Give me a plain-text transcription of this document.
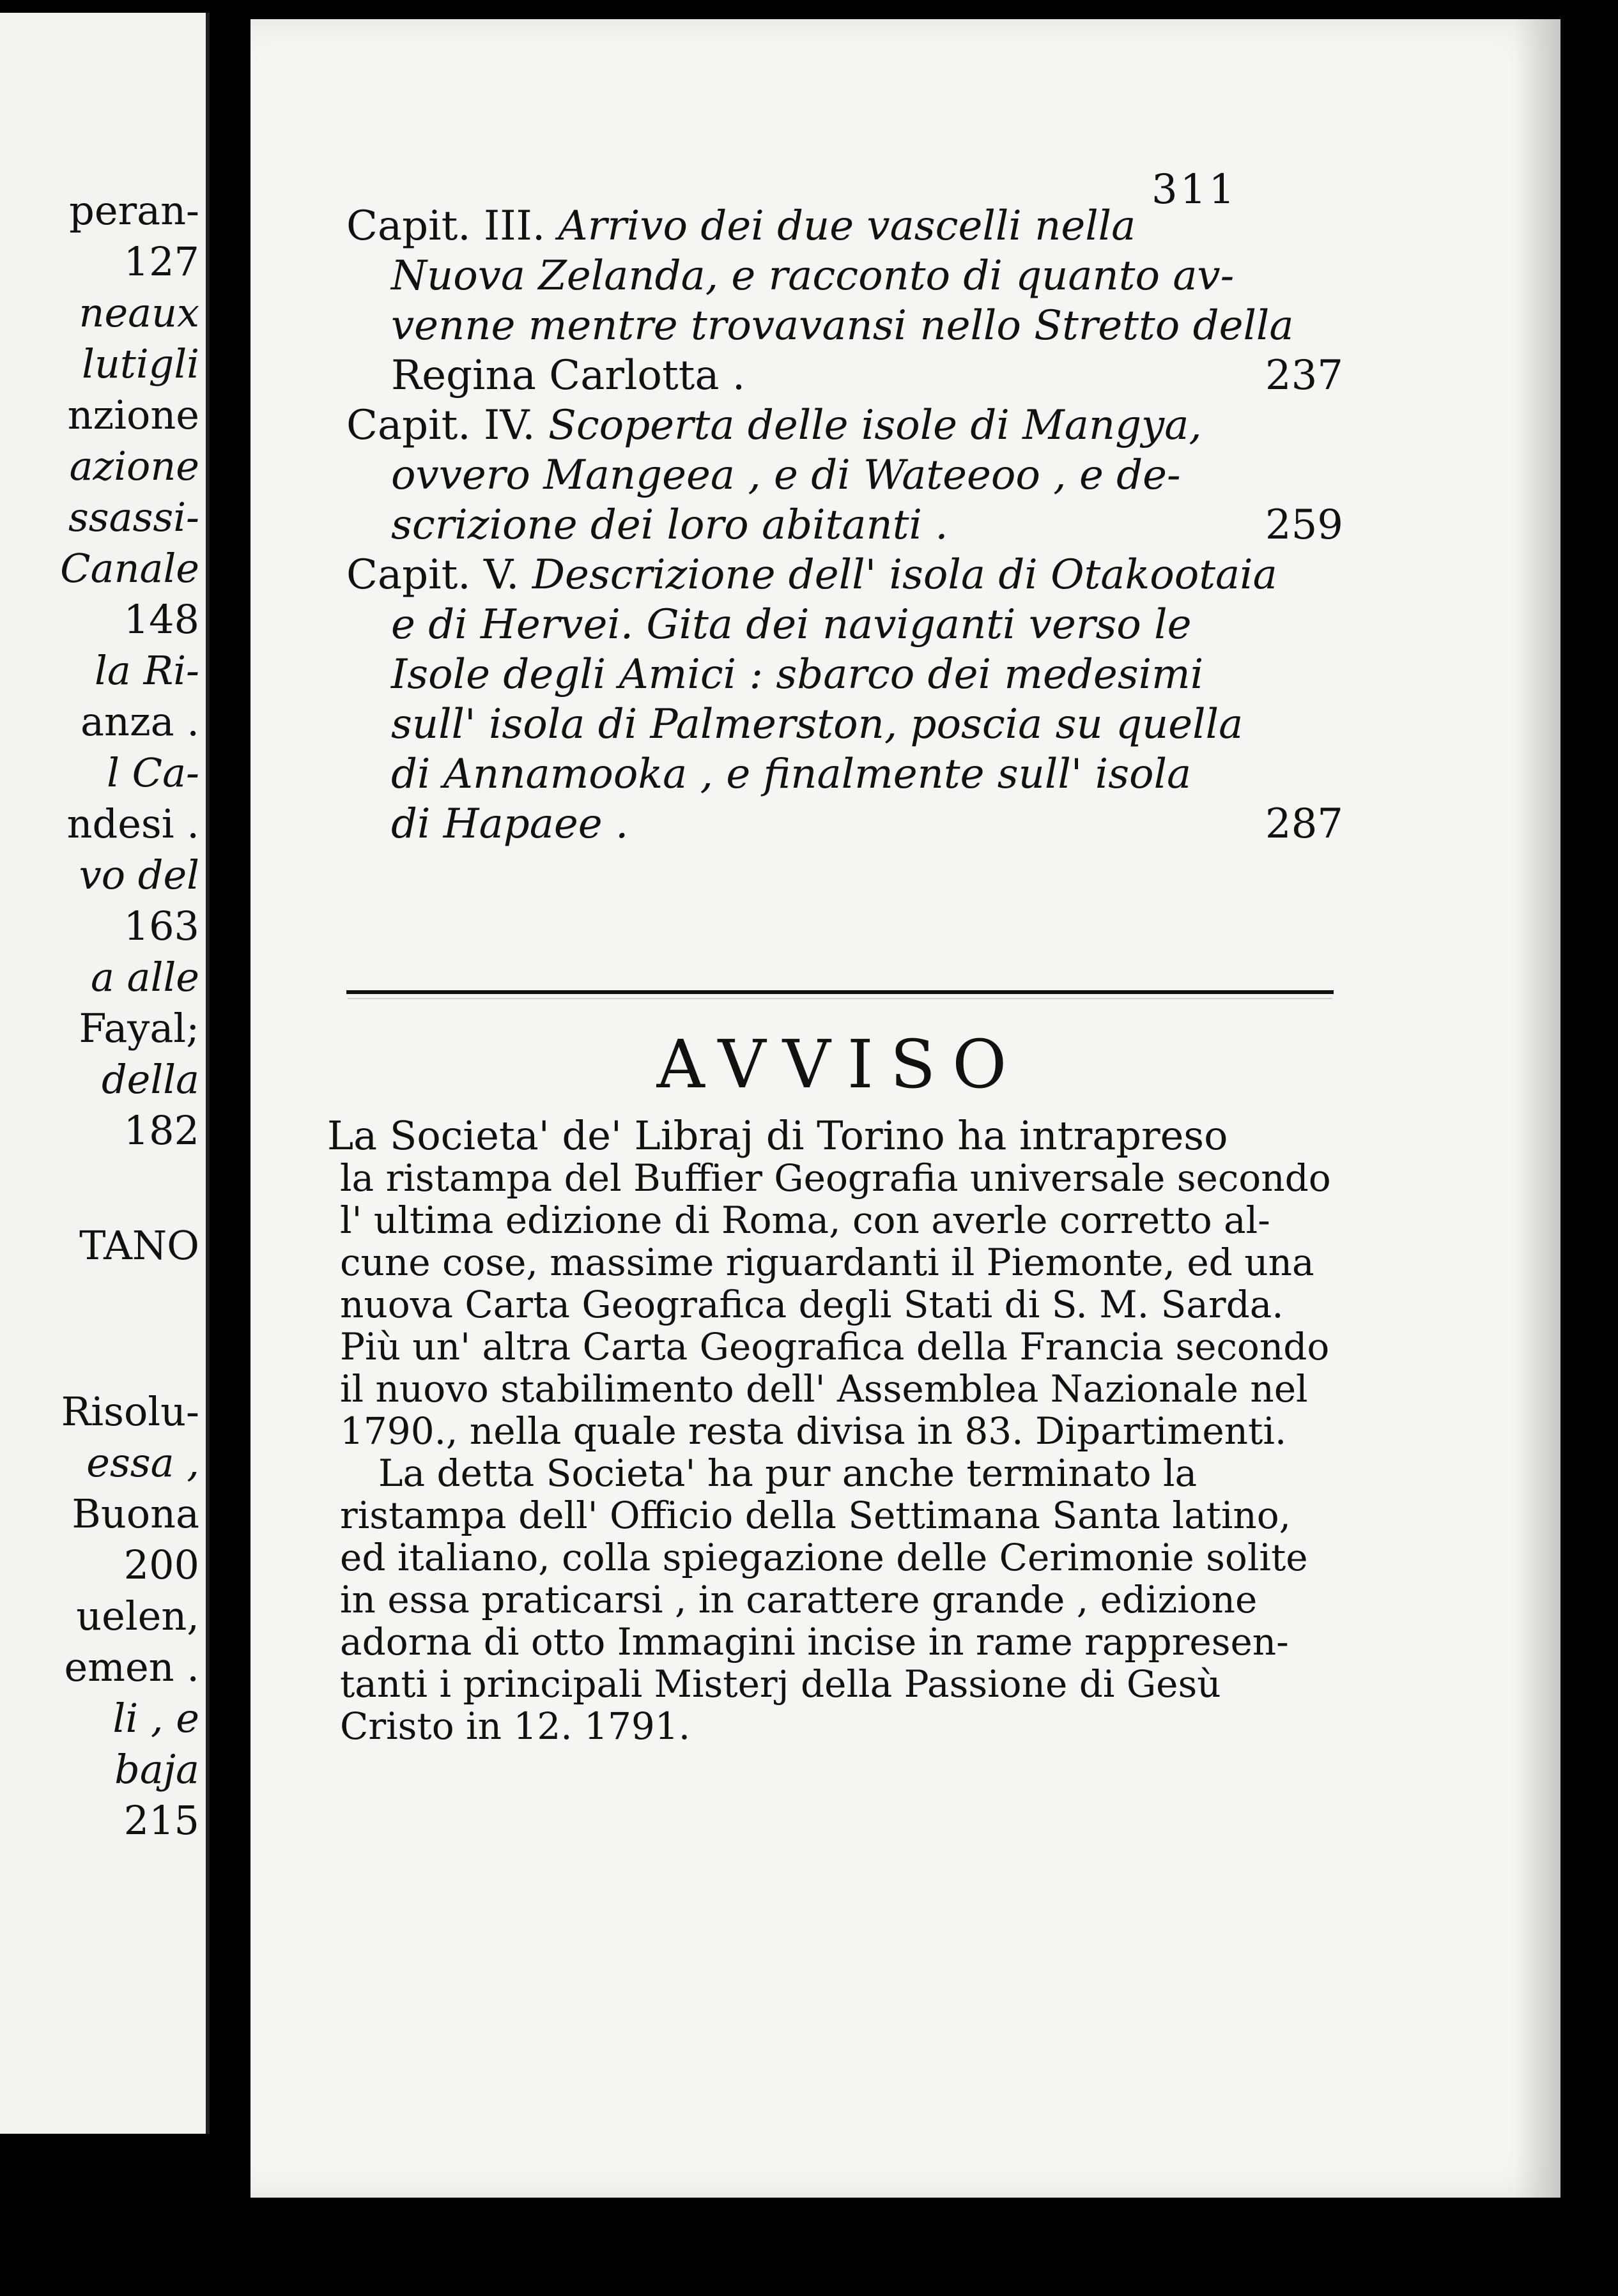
peran-
127
neaux
lutigli
nzione
azione
ssassi-
Canale
148
la Ri-
anza .
l Ca-
ndesi .
vo del
163
a alle
Fayal;
della
182
TANO
Risolu-
essa ,
Buona
200
uelen,
emen .
li , e
baja
215
311
Capit. III. Arrivo dei due vascelli nella
Nuova Zelanda, e racconto di quanto av-
venne mentre trovavansi nello Stretto della
Regina Carlotta .	237
Capit. IV. Scoperta delle isole di Mangya,
ovvero Mangeea , e di Wateeoo , e de-
scrizione dei loro abitanti .	259
Capit. V. Descrizione dell' isola di Otakootaia
e di Hervei. Gita dei naviganti verso le
Isole degli Amici : sbarco dei medesimi
sull' isola di Palmerston, poscia su quella
di Annamooka , e finalmente sull' isola
di Hapaee .	287
AVVISO
La Societa' de' Libraj di Torino ha intrapreso
la ristampa del Buffier Geografia universale secondo
l' ultima edizione di Roma, con averle corretto al-
cune cose, massime riguardanti il Piemonte, ed una
nuova Carta Geografica degli Stati di S. M. Sarda.
Più un' altra Carta Geografica della Francia secondo
il nuovo stabilimento dell' Assemblea Nazionale nel
1790., nella quale resta divisa in 83. Dipartimenti.
La detta Societa' ha pur anche terminato la
ristampa dell' Officio della Settimana Santa latino,
ed italiano, colla spiegazione delle Cerimonie solite
in essa praticarsi , in carattere grande , edizione
adorna di otto Immagini incise in rame rappresen-
tanti i principali Misterj della Passione di Gesù
Cristo in 12. 1791.
